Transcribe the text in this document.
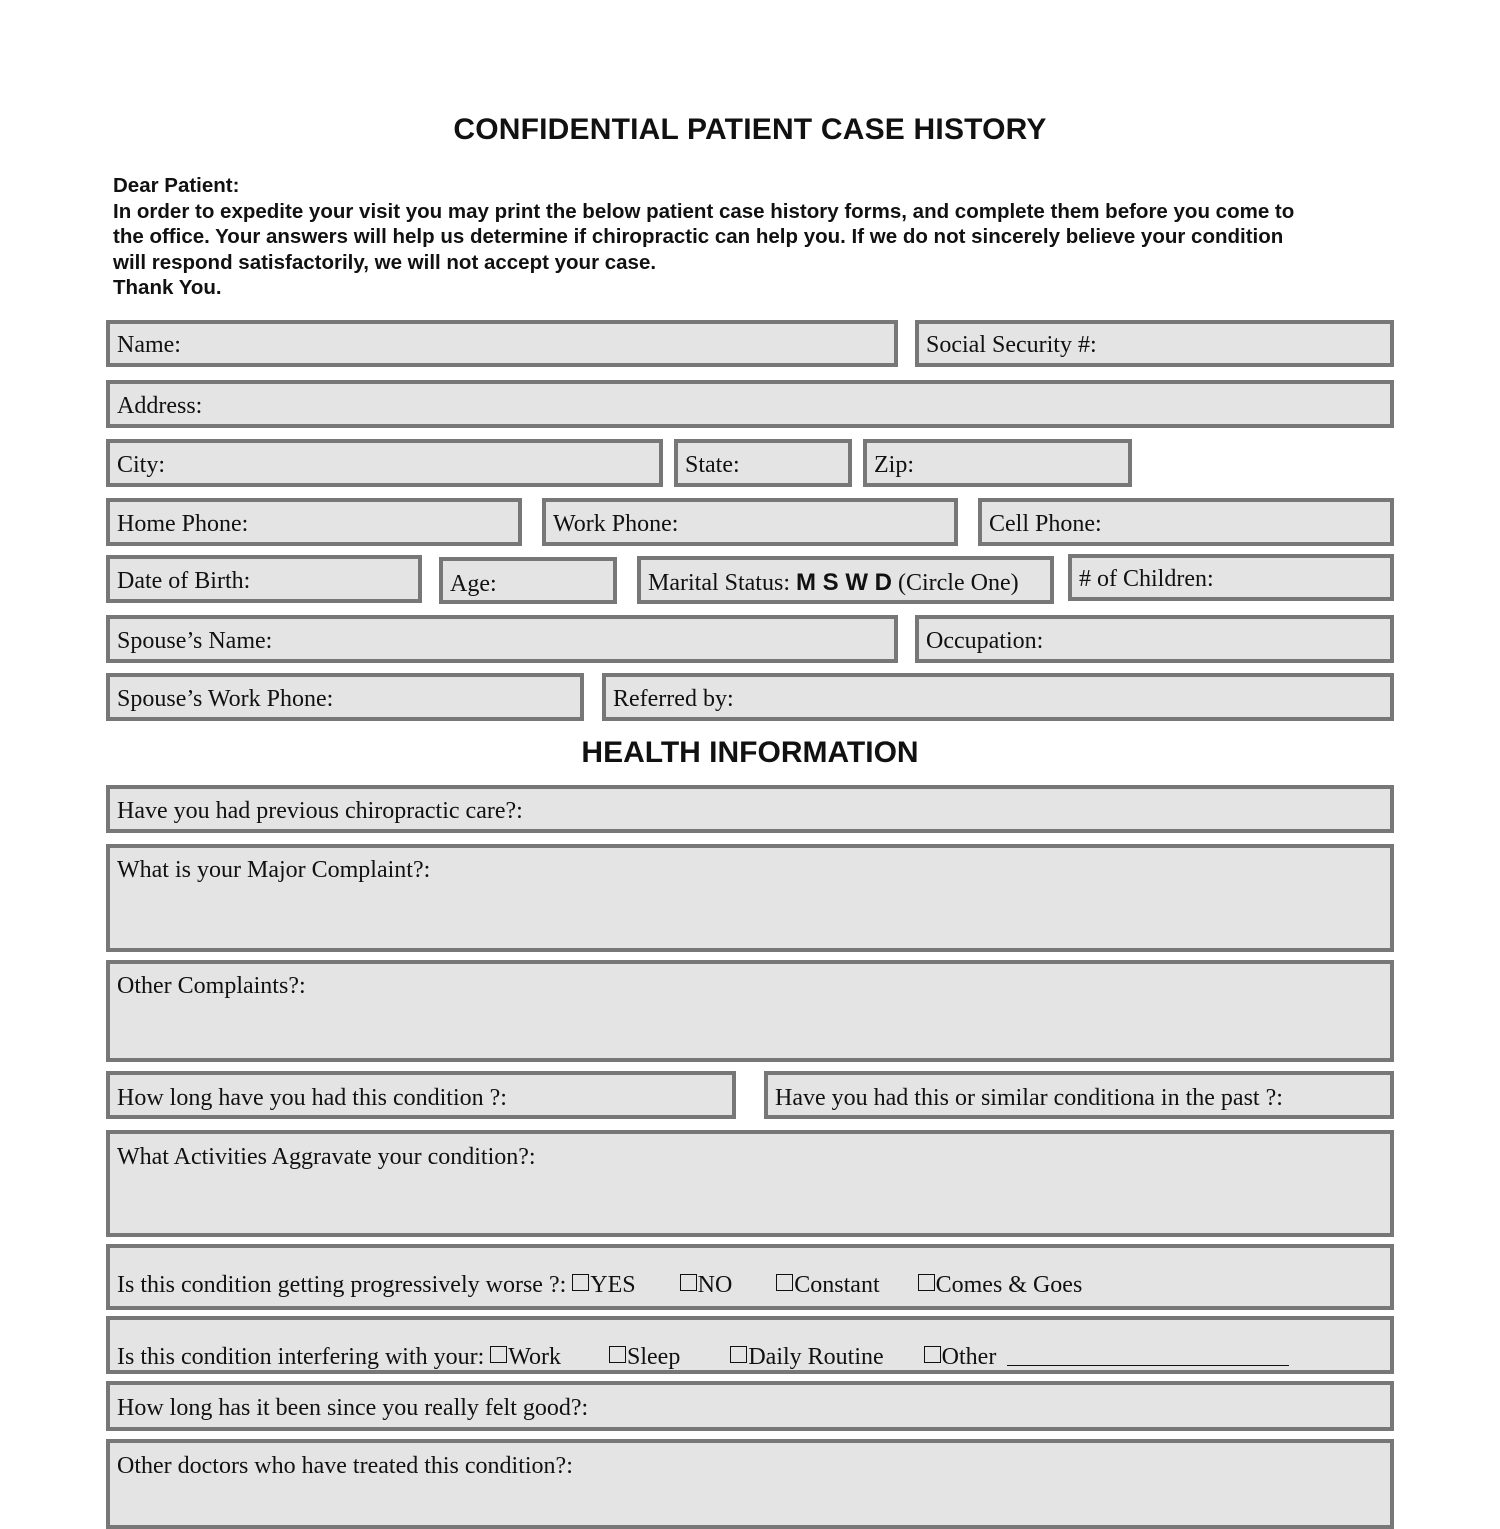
CONFIDENTIAL PATIENT CASE HISTORY
Dear Patient:
In order to expedite your visit you may print the below patient case history forms, and complete them before you come to
the office. Your answers will help us determine if chiropractic can help you. If we do not sincerely believe your condition
will respond satisfactorily, we will not accept your case.
Thank You.
Name:	Social Security #:
Address:
City:	State:	Zip:
Home Phone:	Work Phone:	Cell Phone:
Date of Birth:	Age:	Marital Status: M S W D (Circle One)	# of Children:
Spouse’s Name:	Occupation:
Spouse’s Work Phone:	Referred by:
HEALTH INFORMATION
Have you had previous chiropractic care?:
What is your Major Complaint?:
Other Complaints?:
How long have you had this condition ?:	Have you had this or similar conditiona in the past ?:
What Activities Aggravate your condition?:
Is this condition getting progressively worse ?: YES	NO	Constant Comes & Goes
Is this condition interfering with your: Work	Sleep	Daily Routine Other
How long has it been since you really felt good?:
Other doctors who have treated this condition?:
